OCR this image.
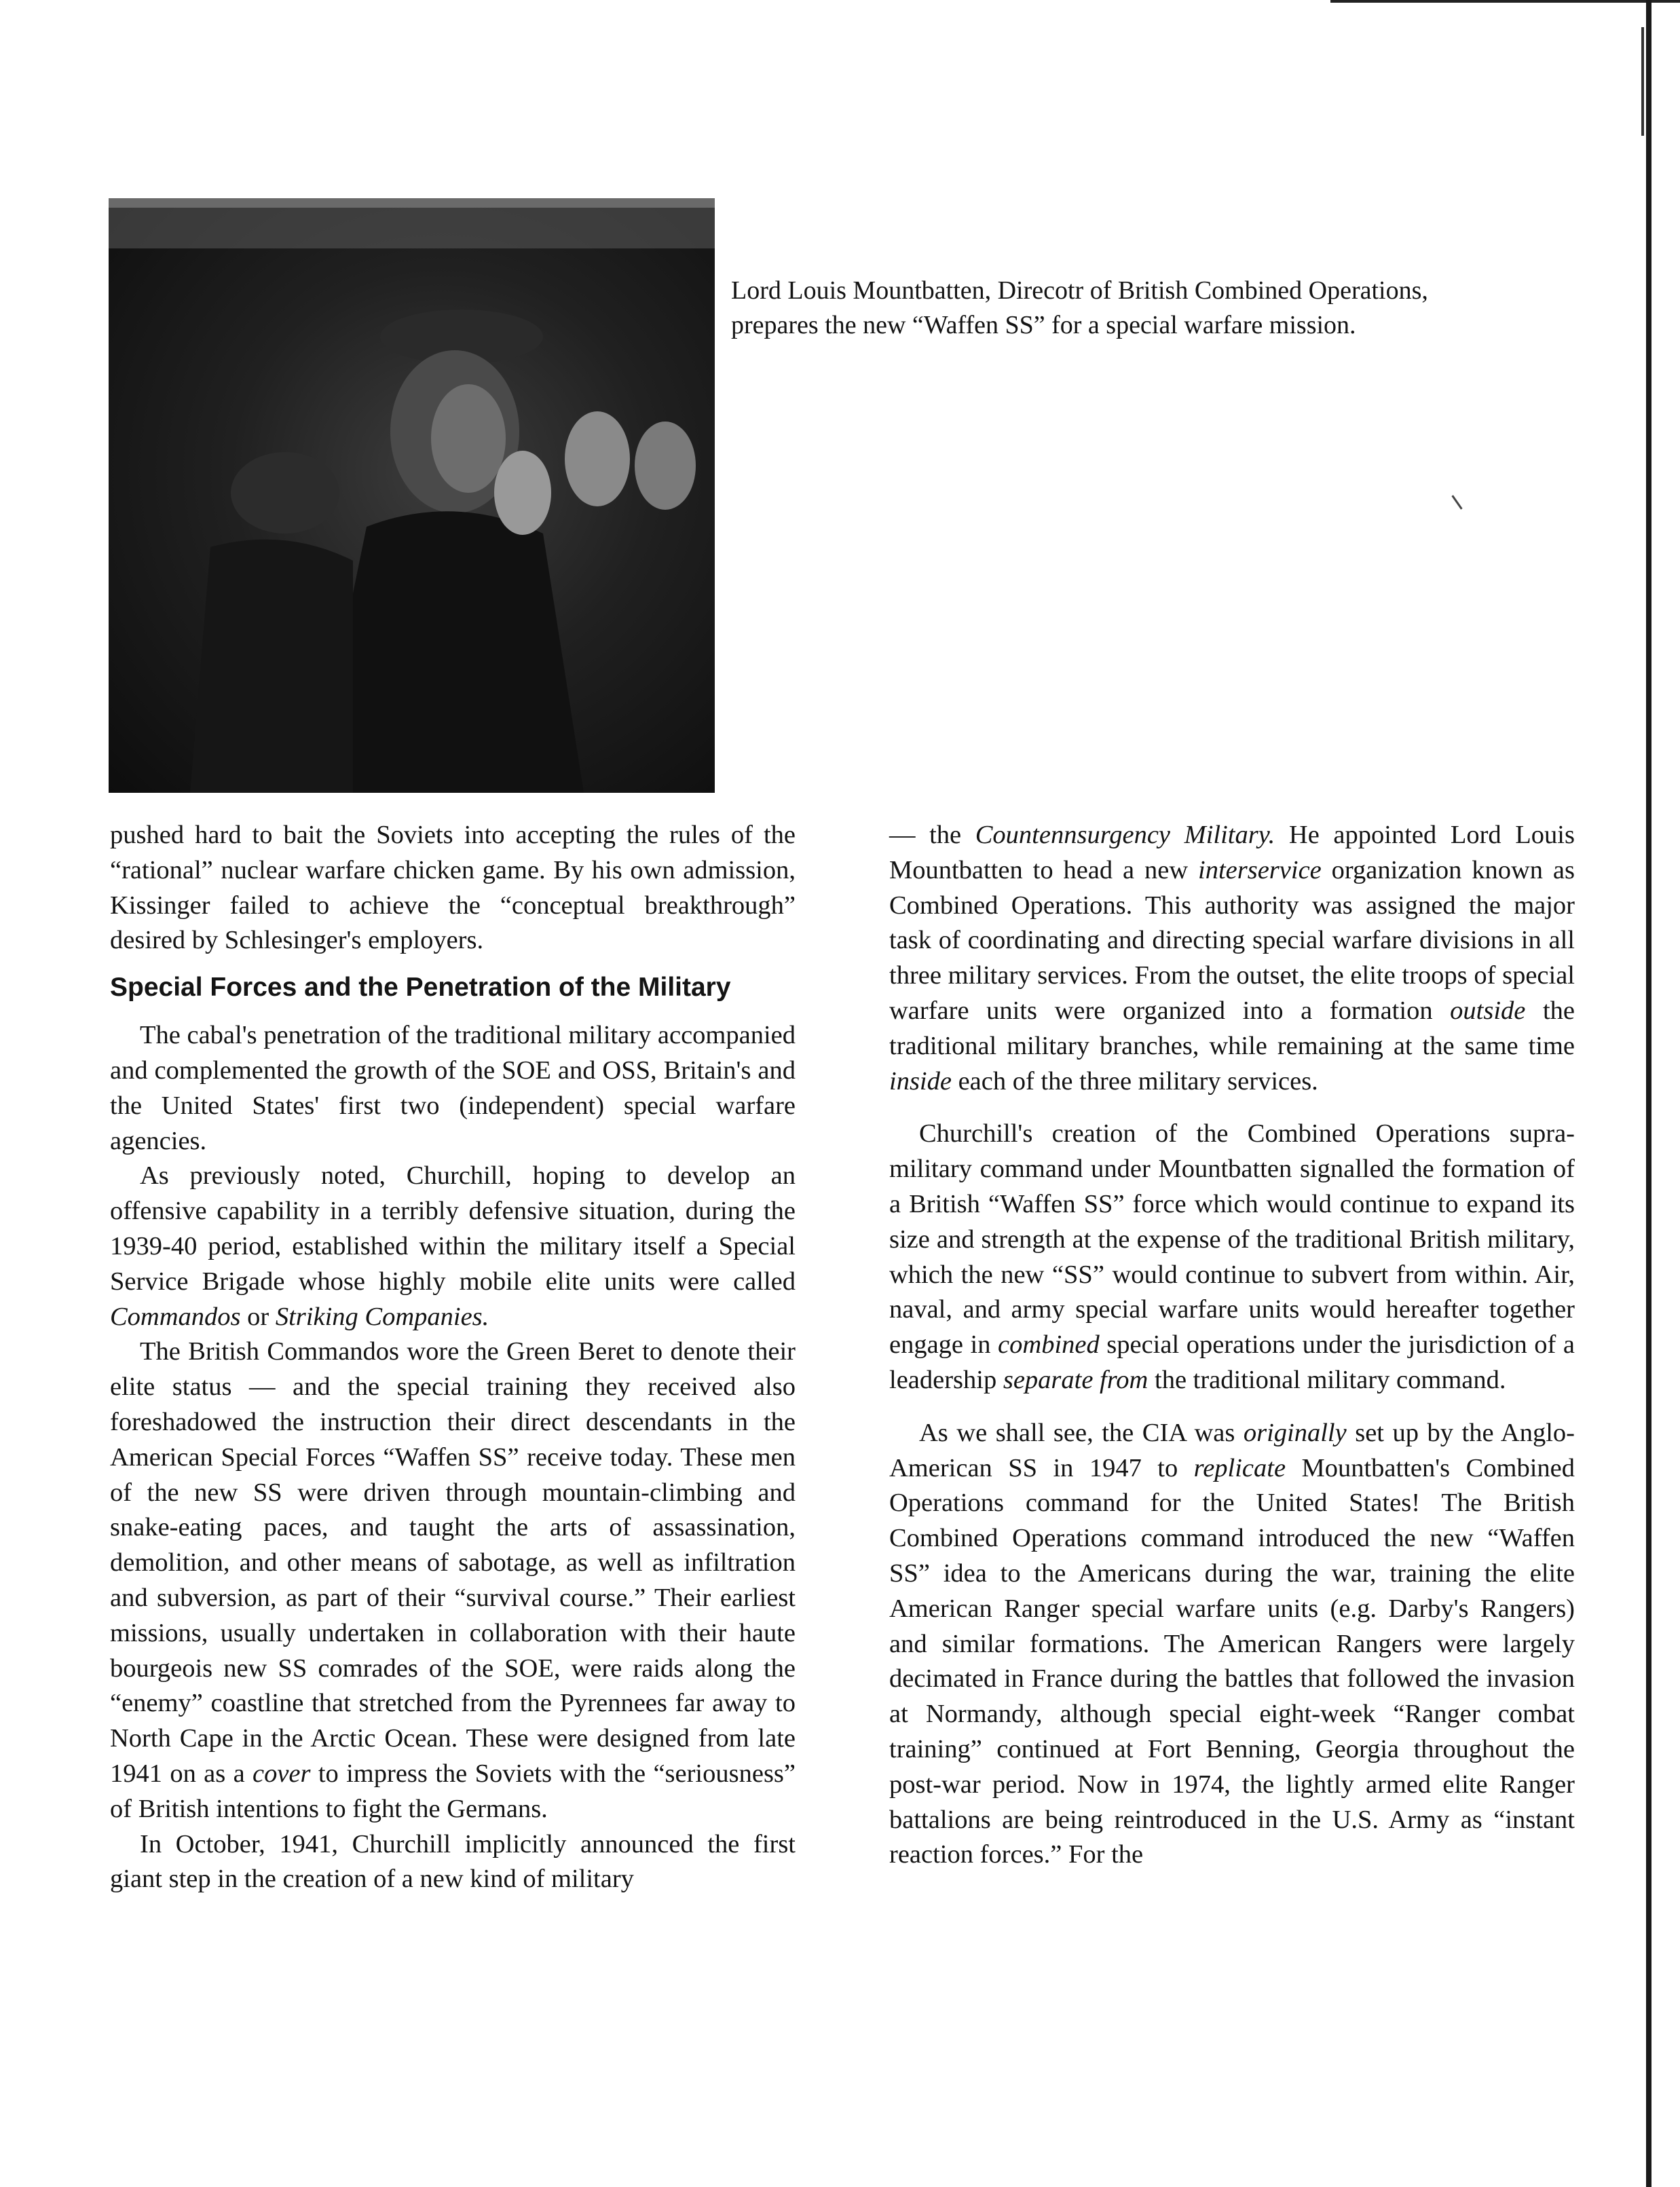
Lord Louis Mountbatten, Direcotr of British Combined Operations,

prepares the new “Waffen SS” for a special warfare mission.

pushed hard to bait the Soviets into accepting the rules of the “rational” nuclear warfare chicken game. By his own admission, Kissinger failed to achieve the “conceptual breakthrough” desired by Schlesinger's employers.

Special Forces and the Penetration of the Military

The cabal's penetration of the traditional military accompanied and complemented the growth of the SOE and OSS, Britain's and the United States' first two (independent) special warfare agencies.

As previously noted, Churchill, hoping to develop an offensive capability in a terribly defensive situation, during the 1939-40 period, established within the military itself a Special Service Brigade whose highly mobile elite units were called Commandos or Striking Companies.

The British Commandos wore the Green Beret to denote their elite status — and the special training they received also foreshadowed the instruction their direct descendants in the American Special Forces “Waffen SS” receive today. These men of the new SS were driven through mountain-climbing and snake-eating paces, and taught the arts of assassination, demolition, and other means of sabotage, as well as infiltration and subversion, as part of their “survival course.” Their earliest missions, usually undertaken in collaboration with their haute bourgeois new SS comrades of the SOE, were raids along the “enemy” coastline that stretched from the Pyrennees far away to North Cape in the Arctic Ocean. These were designed from late 1941 on as a cover to impress the Soviets with the “seriousness” of British intentions to fight the Germans.

In October, 1941, Churchill implicitly announced the first giant step in the creation of a new kind of military

— the Countennsurgency Military. He appointed Lord Louis Mountbatten to head a new interservice organization known as Combined Operations. This authority was assigned the major task of coordinating and directing special warfare divisions in all three military services. From the outset, the elite troops of special warfare units were organized into a formation outside the traditional military branches, while remaining at the same time inside each of the three military services.

Churchill's creation of the Combined Operations supra-military command under Mountbatten signalled the formation of a British “Waffen SS” force which would continue to expand its size and strength at the expense of the traditional British military, which the new “SS” would continue to subvert from within. Air, naval, and army special warfare units would hereafter together engage in combined special operations under the jurisdiction of a leadership separate from the traditional military command.

As we shall see, the CIA was originally set up by the Anglo-American SS in 1947 to replicate Mountbatten's Combined Operations command for the United States! The British Combined Operations command introduced the new “Waffen SS” idea to the Americans during the war, training the elite American Ranger special warfare units (e.g. Darby's Rangers) and similar formations. The American Rangers were largely decimated in France during the battles that followed the invasion at Normandy, although special eight-week “Ranger combat training” continued at Fort Benning, Georgia throughout the post-war period. Now in 1974, the lightly armed elite Ranger battalions are being reintroduced in the U.S. Army as “instant reaction forces.” For the
